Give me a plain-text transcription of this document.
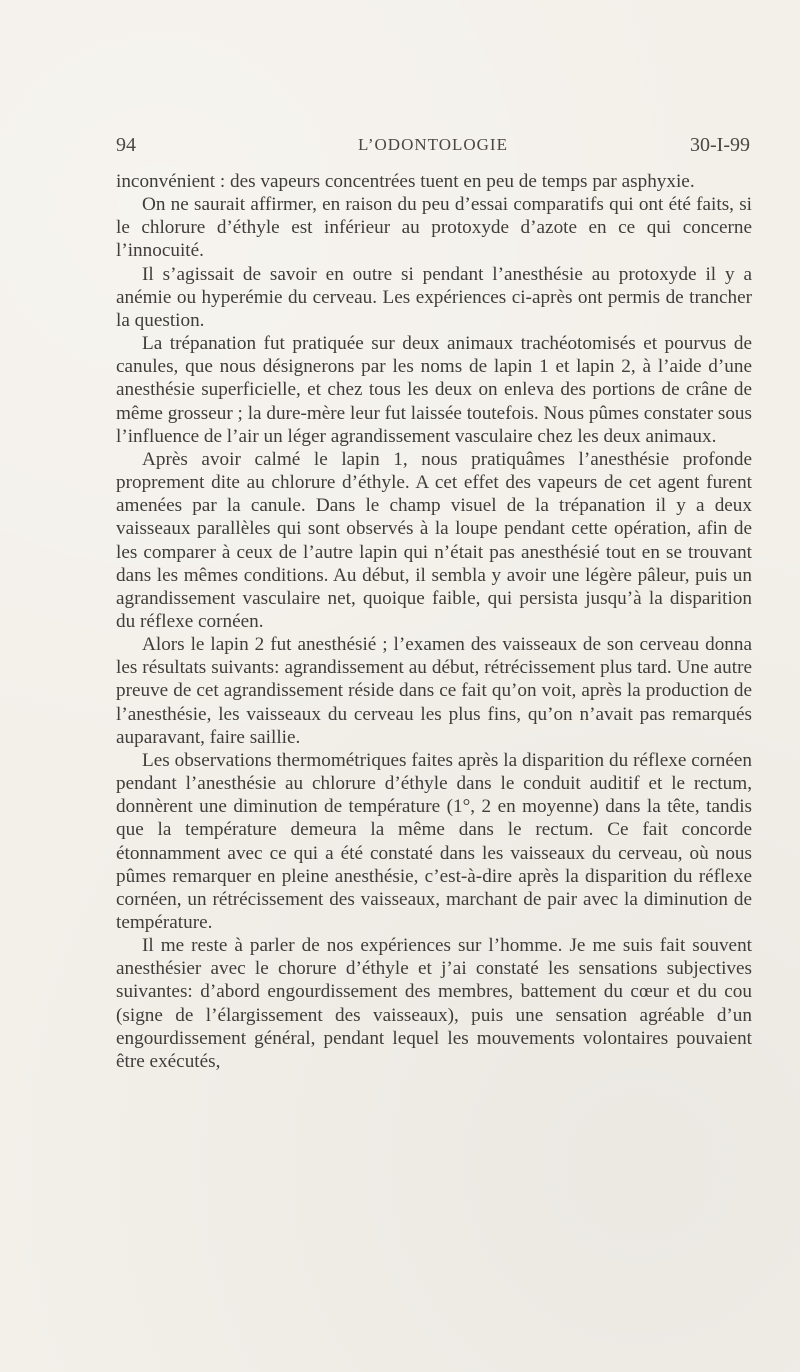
94	L’ODONTOLOGIE	30-I-99

inconvénient : des vapeurs concentrées tuent en peu de temps par asphyxie.

On ne saurait affirmer, en raison du peu d’essai comparatifs qui ont été faits, si le chlorure d’éthyle est inférieur au protoxyde d’azote en ce qui concerne l’innocuité.

Il s’agissait de savoir en outre si pendant l’anesthésie au protoxyde il y a anémie ou hyperémie du cerveau. Les expériences ci-après ont permis de trancher la question.

La trépanation fut pratiquée sur deux animaux trachéotomisés et pourvus de canules, que nous désignerons par les noms de lapin 1 et lapin 2, à l’aide d’une anesthésie superficielle, et chez tous les deux on enleva des portions de crâne de même grosseur ; la dure-mère leur fut laissée toutefois. Nous pûmes constater sous l’influence de l’air un léger agrandissement vasculaire chez les deux animaux.

Après avoir calmé le lapin 1, nous pratiquâmes l’anesthésie profonde proprement dite au chlorure d’éthyle. A cet effet des vapeurs de cet agent furent amenées par la canule. Dans le champ visuel de la trépanation il y a deux vaisseaux parallèles qui sont observés à la loupe pendant cette opération, afin de les comparer à ceux de l’autre lapin qui n’était pas anesthésié tout en se trouvant dans les mêmes conditions. Au début, il sembla y avoir une légère pâleur, puis un agrandissement vasculaire net, quoique faible, qui persista jusqu’à la disparition du réflexe cornéen.

Alors le lapin 2 fut anesthésié ; l’examen des vaisseaux de son cerveau donna les résultats suivants: agrandissement au début, rétrécissement plus tard. Une autre preuve de cet agrandissement réside dans ce fait qu’on voit, après la production de l’anesthésie, les vaisseaux du cerveau les plus fins, qu’on n’avait pas remarqués auparavant, faire saillie.

Les observations thermométriques faites après la disparition du réflexe cornéen pendant l’anesthésie au chlorure d’éthyle dans le conduit auditif et le rectum, donnèrent une diminution de température (1°, 2 en moyenne) dans la tête, tandis que la température demeura la même dans le rectum. Ce fait concorde étonnamment avec ce qui a été constaté dans les vaisseaux du cerveau, où nous pûmes remarquer en pleine anesthésie, c’est-à-dire après la disparition du réflexe cornéen, un rétrécissement des vaisseaux, marchant de pair avec la diminution de température.

Il me reste à parler de nos expériences sur l’homme. Je me suis fait souvent anesthésier avec le chorure d’éthyle et j’ai constaté les sensations subjectives suivantes: d’abord engourdissement des membres, battement du cœur et du cou (signe de l’élargissement des vaisseaux), puis une sensation agréable d’un engourdissement général, pendant lequel les mouvements volontaires pouvaient être exécutés,
